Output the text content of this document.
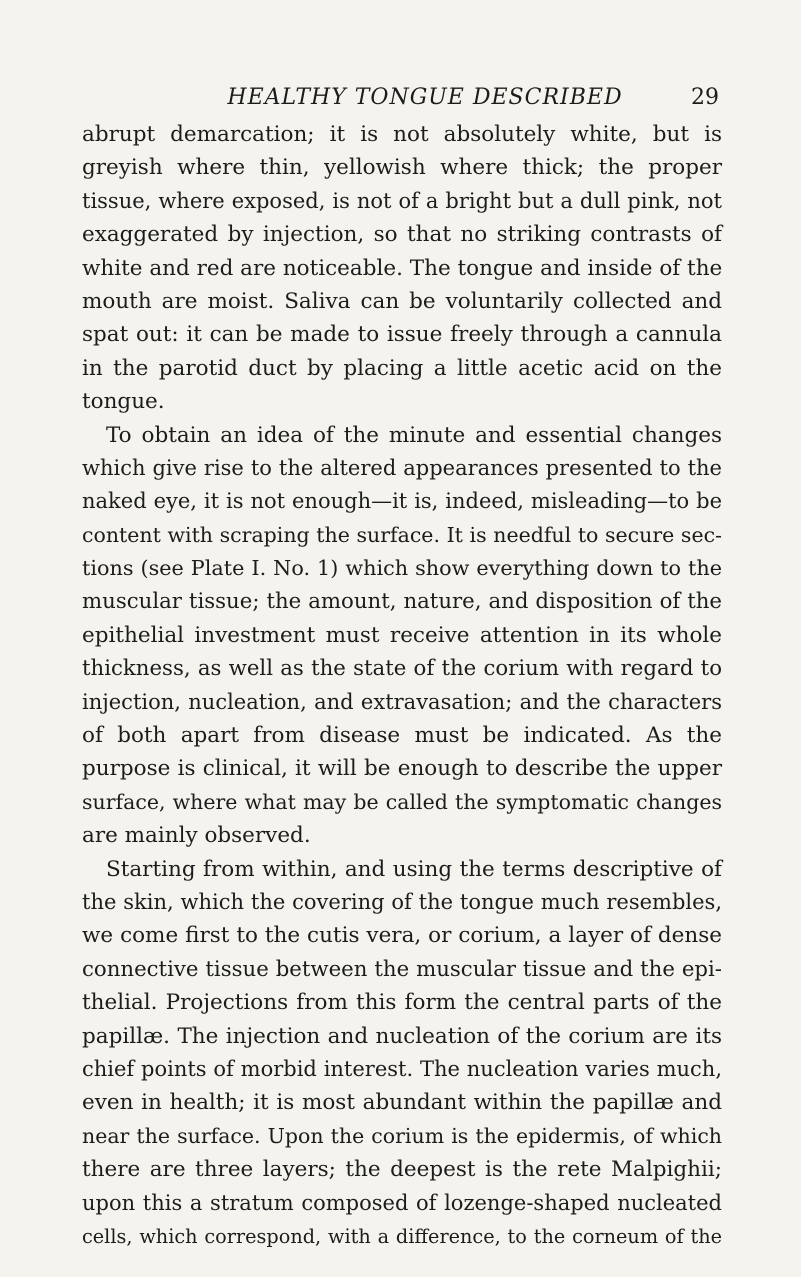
HEALTHY TONGUE DESCRIBED	29
abrupt demarcation; it is not absolutely white, but is
greyish where thin, yellowish where thick; the proper
tissue, where exposed, is not of a bright but a dull pink, not
exaggerated by injection, so that no striking contrasts of
white and red are noticeable. The tongue and inside of the
mouth are moist. Saliva can be voluntarily collected and
spat out: it can be made to issue freely through a cannula
in the parotid duct by placing a little acetic acid on the
tongue.
To obtain an idea of the minute and essential changes
which give rise to the altered appearances presented to the
naked eye, it is not enough—it is, indeed, misleading—to be
content with scraping the surface. It is needful to secure sec-
tions (see Plate I. No. 1) which show everything down to the
muscular tissue; the amount, nature, and disposition of the
epithelial investment must receive attention in its whole
thickness, as well as the state of the corium with regard to
injection, nucleation, and extravasation; and the characters
of both apart from disease must be indicated. As the
purpose is clinical, it will be enough to describe the upper
surface, where what may be called the symptomatic changes
are mainly observed.
Starting from within, and using the terms descriptive of
the skin, which the covering of the tongue much resembles,
we come first to the cutis vera, or corium, a layer of dense
connective tissue between the muscular tissue and the epi-
thelial. Projections from this form the central parts of the
papillæ. The injection and nucleation of the corium are its
chief points of morbid interest. The nucleation varies much,
even in health; it is most abundant within the papillæ and
near the surface. Upon the corium is the epidermis, of which
there are three layers; the deepest is the rete Malpighii;
upon this a stratum composed of lozenge-shaped nucleated
cells, which correspond, with a difference, to the corneum of the
